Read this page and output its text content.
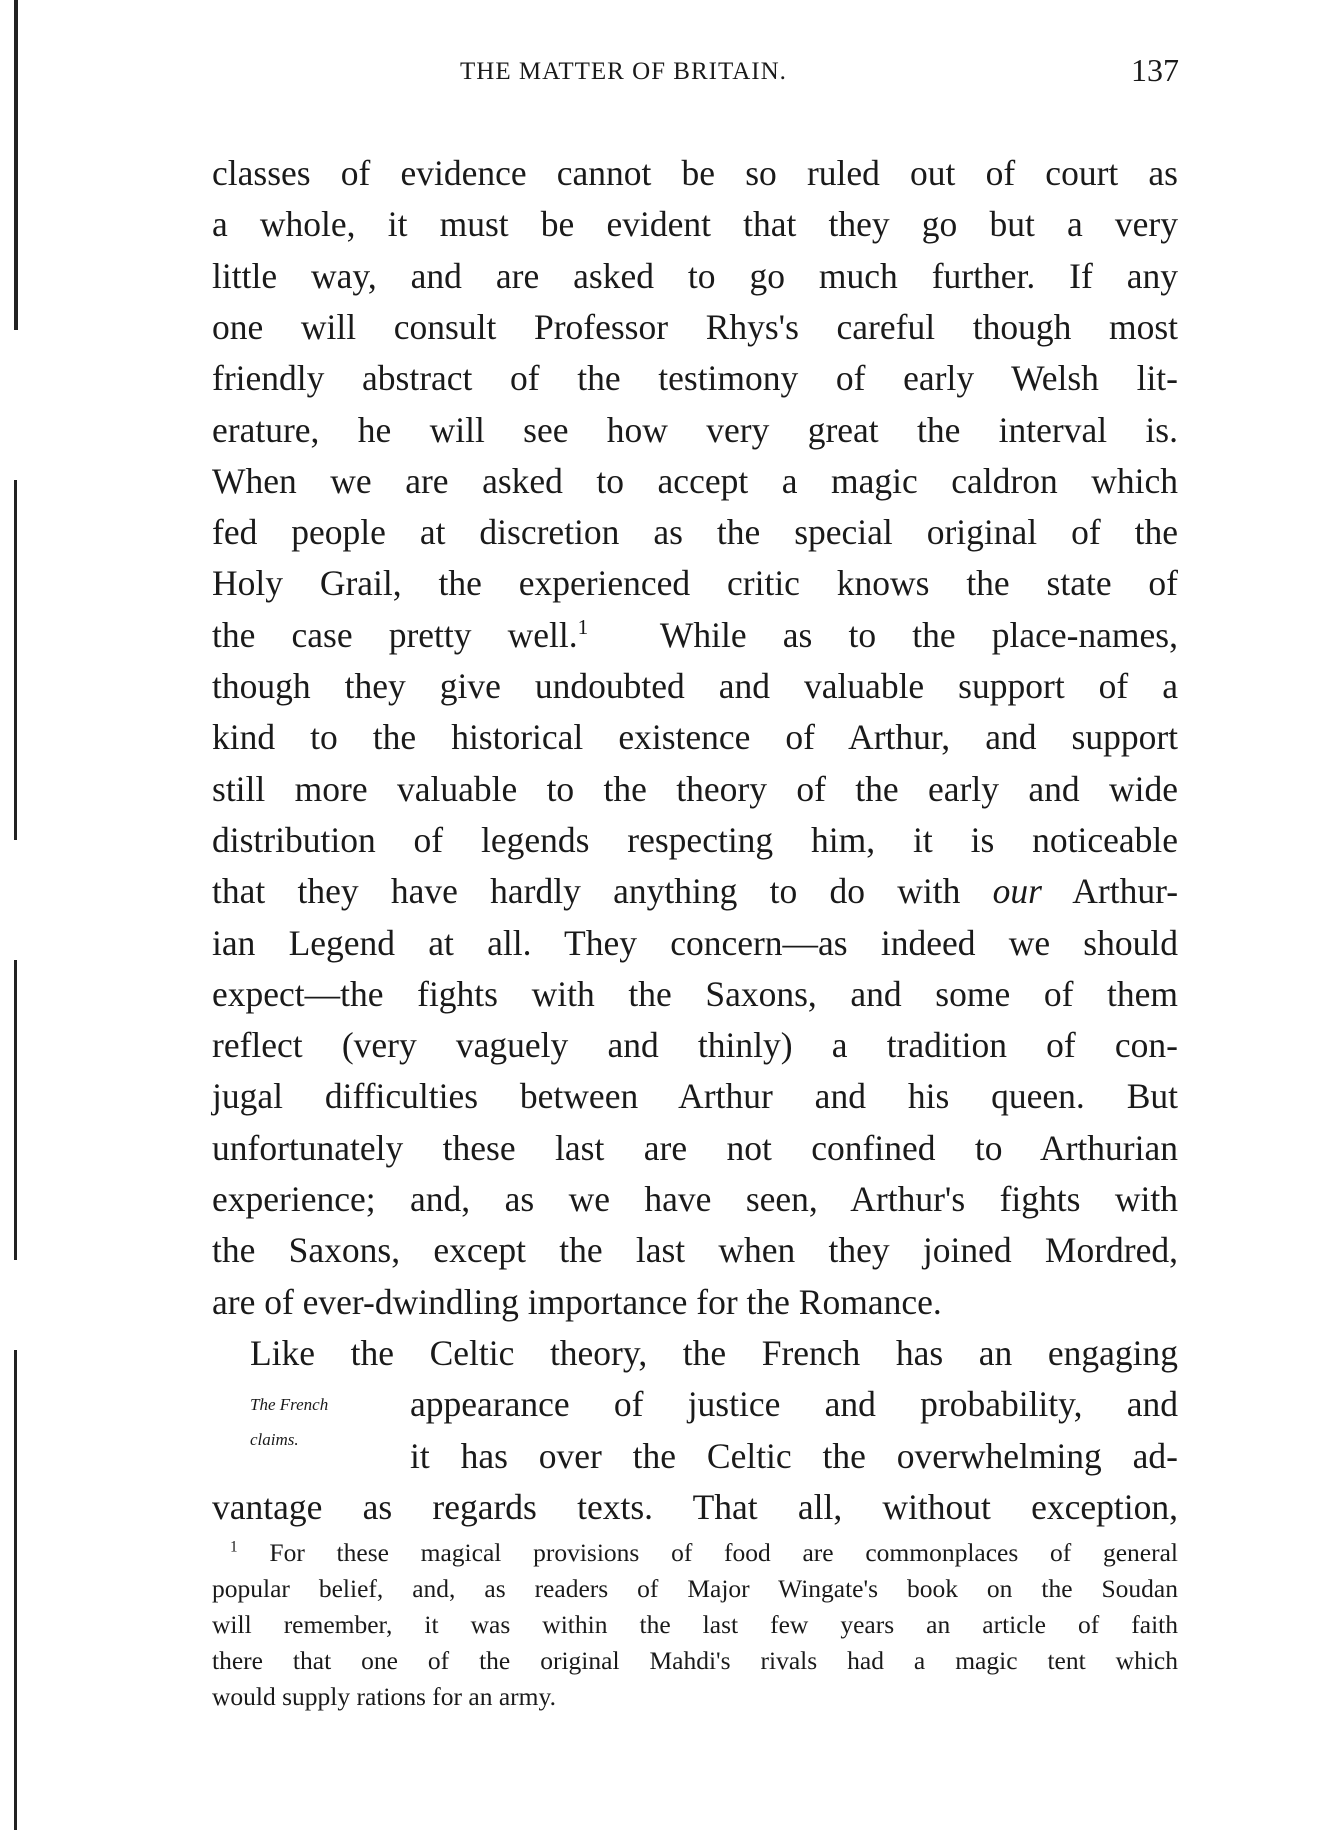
THE MATTER OF BRITAIN.	137
classes of evidence cannot be so ruled out of court as
a whole, it must be evident that they go but a very
little way, and are asked to go much further. If any
one will consult Professor Rhys's careful though most
friendly abstract of the testimony of early Welsh lit-
erature, he will see how very great the interval is.
When we are asked to accept a magic caldron which
fed people at discretion as the special original of the
Holy Grail, the experienced critic knows the state of
the case pretty well.$^1$ While as to the place-names,
though they give undoubted and valuable support of a
kind to the historical existence of Arthur, and support
still more valuable to the theory of the early and wide
distribution of legends respecting him, it is noticeable
that they have hardly anything to do with our Arthur-
ian Legend at all. They concern—as indeed we should
expect—the fights with the Saxons, and some of them
reflect (very vaguely and thinly) a tradition of con-
jugal difficulties between Arthur and his queen. But
unfortunately these last are not confined to Arthurian
experience; and, as we have seen, Arthur's fights with
the Saxons, except the last when they joined Mordred,
are of ever-dwindling importance for the Romance.
Like the Celtic theory, the French has an engaging
appearance of justice and probability, and
it has over the Celtic the overwhelming ad-
vantage as regards texts. That all, without exception,
The French
claims.
$^1$ For these magical provisions of food are commonplaces of general
popular belief, and, as readers of Major Wingate's book on the Soudan
will remember, it was within the last few years an article of faith
there that one of the original Mahdi's rivals had a magic tent which
would supply rations for an army.
